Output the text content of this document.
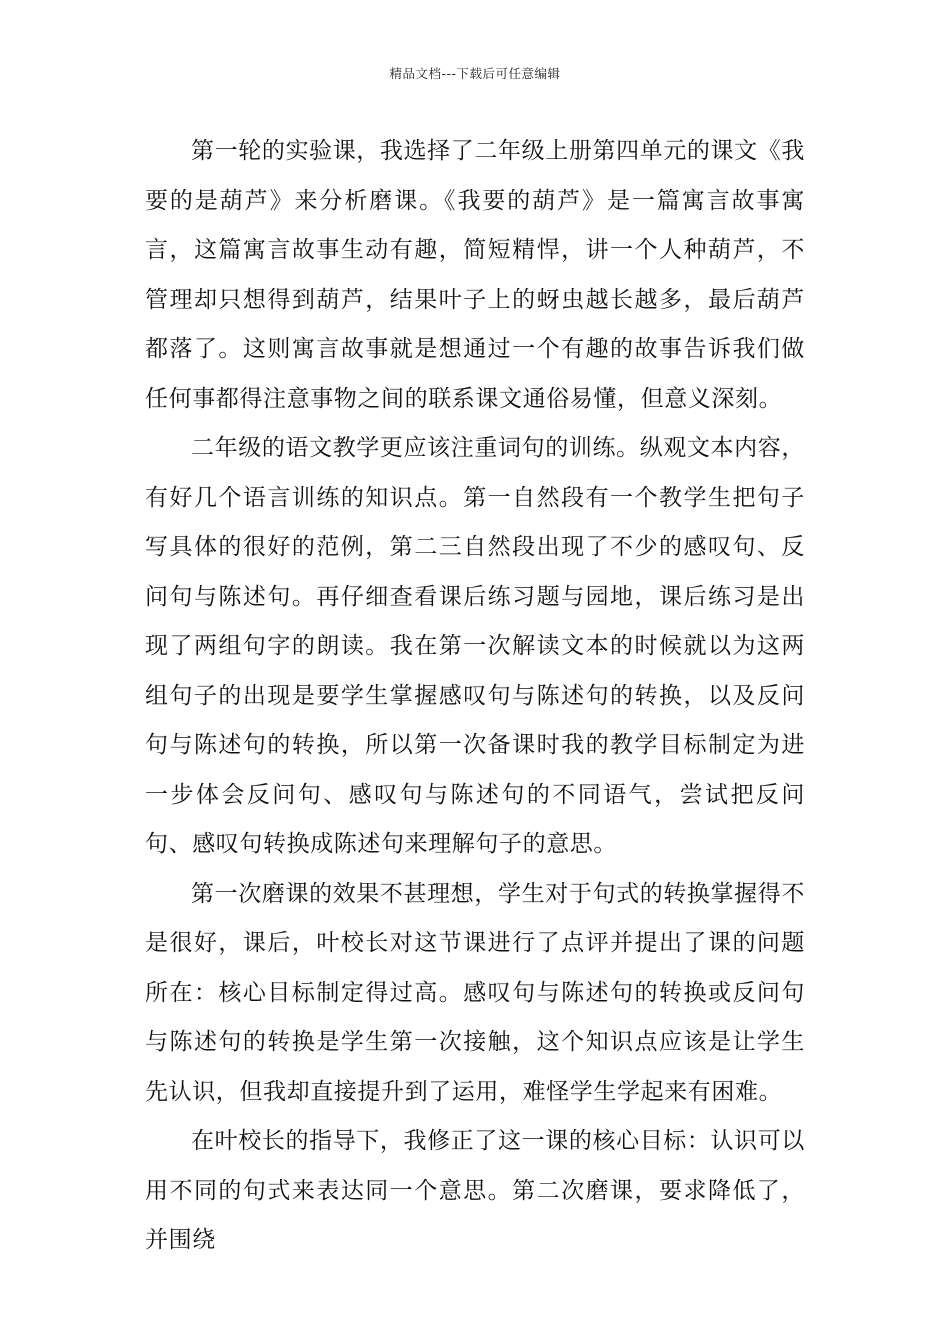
精品文档---下载后可任意编辑

第一轮的实验课，我选择了二年级上册第四单元的课文《我要的是葫芦》来分析磨课。《我要的葫芦》是一篇寓言故事寓言，这篇寓言故事生动有趣，简短精悍，讲一个人种葫芦，不管理却只想得到葫芦，结果叶子上的蚜虫越长越多，最后葫芦都落了。这则寓言故事就是想通过一个有趣的故事告诉我们做任何事都得注意事物之间的联系课文通俗易懂，但意义深刻。

二年级的语文教学更应该注重词句的训练。纵观文本内容，有好几个语言训练的知识点。第一自然段有一个教学生把句子写具体的很好的范例，第二三自然段出现了不少的感叹句、反问句与陈述句。再仔细查看课后练习题与园地，课后练习是出现了两组句字的朗读。我在第一次解读文本的时候就以为这两组句子的出现是要学生掌握感叹句与陈述句的转换，以及反问句与陈述句的转换，所以第一次备课时我的教学目标制定为进一步体会反问句、感叹句与陈述句的不同语气，尝试把反问句、感叹句转换成陈述句来理解句子的意思。

第一次磨课的效果不甚理想，学生对于句式的转换掌握得不是很好，课后，叶校长对这节课进行了点评并提出了课的问题所在：核心目标制定得过高。感叹句与陈述句的转换或反问句与陈述句的转换是学生第一次接触，这个知识点应该是让学生先认识，但我却直接提升到了运用，难怪学生学起来有困难。

在叶校长的指导下，我修正了这一课的核心目标：认识可以用不同的句式来表达同一个意思。第二次磨课，要求降低了，并围绕
